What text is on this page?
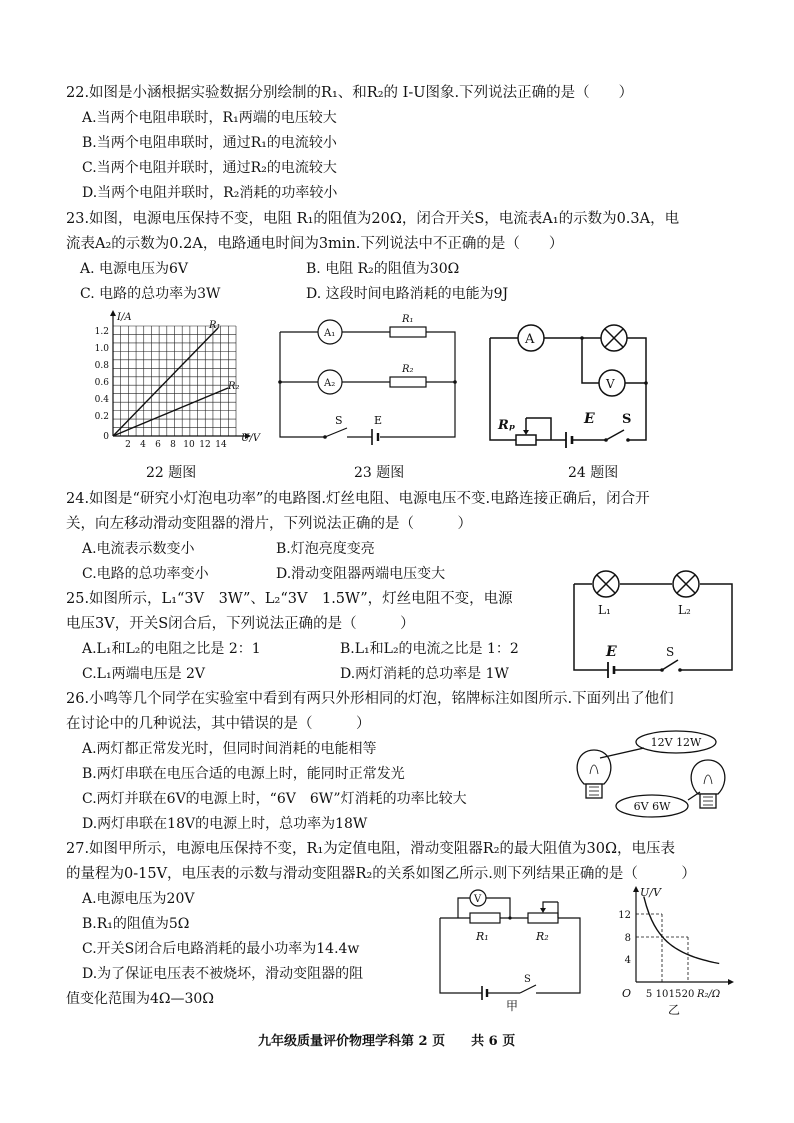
22.如图是小涵根据实验数据分别绘制的R₁、和R₂的 I-U图象.下列说法正确的是（　　）
A.当两个电阻串联时，R₁两端的电压较大
B.当两个电阻串联时，通过R₁的电流较小
C.当两个电阻并联时，通过R₂的电流较大
D.当两个电阻并联时，R₂消耗的功率较小
23.如图，电源电压保持不变，电阻 R₁的阻值为20Ω，闭合开关S，电流表A₁的示数为0.3A，电
流表A₂的示数为0.2A，电路通电时间为3min.下列说法中不正确的是（　　）
A. 电源电压为6V	B. 电阻 R₂的阻值为30Ω
C. 电路的总功率为3W	D. 这段时间电路消耗的电能为9J
I/A
U/V
R₁
R₂
1.2
1.0
0.8
0.6
0.4
0.2
0
2 4 6 8 10 12 14
22 题图
A₁
A₂
R₁
R₂
S	E
23 题图
A
V
Rₚ	E S
24 题图
24.如图是“研究小灯泡电功率”的电路图.灯丝电阻、电源电压不变.电路连接正确后，闭合开
关，向左移动滑动变阻器的滑片，下列说法正确的是（　　　）
A.电流表示数变小	B.灯泡亮度变亮
C.电路的总功率变小	D.滑动变阻器两端电压变大
25.如图所示，L₁“3V　3W”、L₂“3V　1.5W”，灯丝电阻不变，电源
电压3V，开关S闭合后，下列说法正确的是（　　　）
A.L₁和L₂的电阻之比是 2：1	B.L₁和L₂的电流之比是 1：2
C.L₁两端电压是 2V	D.两灯消耗的总功率是 1W
L₁	L₂
E	S
26.小鸣等几个同学在实验室中看到有两只外形相同的灯泡，铭牌标注如图所示.下面列出了他们
在讨论中的几种说法，其中错误的是（　　　）
A.两灯都正常发光时，但同时间消耗的电能相等
B.两灯串联在电压合适的电源上时，能同时正常发光
C.两灯并联在6V的电源上时，“6V　6W”灯消耗的功率比较大
D.两灯串联在18V的电源上时，总功率为18W
12V 12W
6V 6W
27.如图甲所示，电源电压保持不变，R₁为定值电阻，滑动变阻器R₂的最大阻值为30Ω，电压表
的量程为0-15V，电压表的示数与滑动变阻器R₂的关系如图乙所示.则下列结果正确的是（　　　）
A.电源电压为20V
B.R₁的阻值为5Ω
C.开关S闭合后电路消耗的最小功率为14.4w
D.为了保证电压表不被烧坏，滑动变阻器的阻
值变化范围为4Ω—30Ω
V
R₁	R₂
S
甲
U/V
12
8
4
O 5 10 15 20 R₂/Ω
乙
九年级质量评价物理学科第 2 页　　共 6 页
